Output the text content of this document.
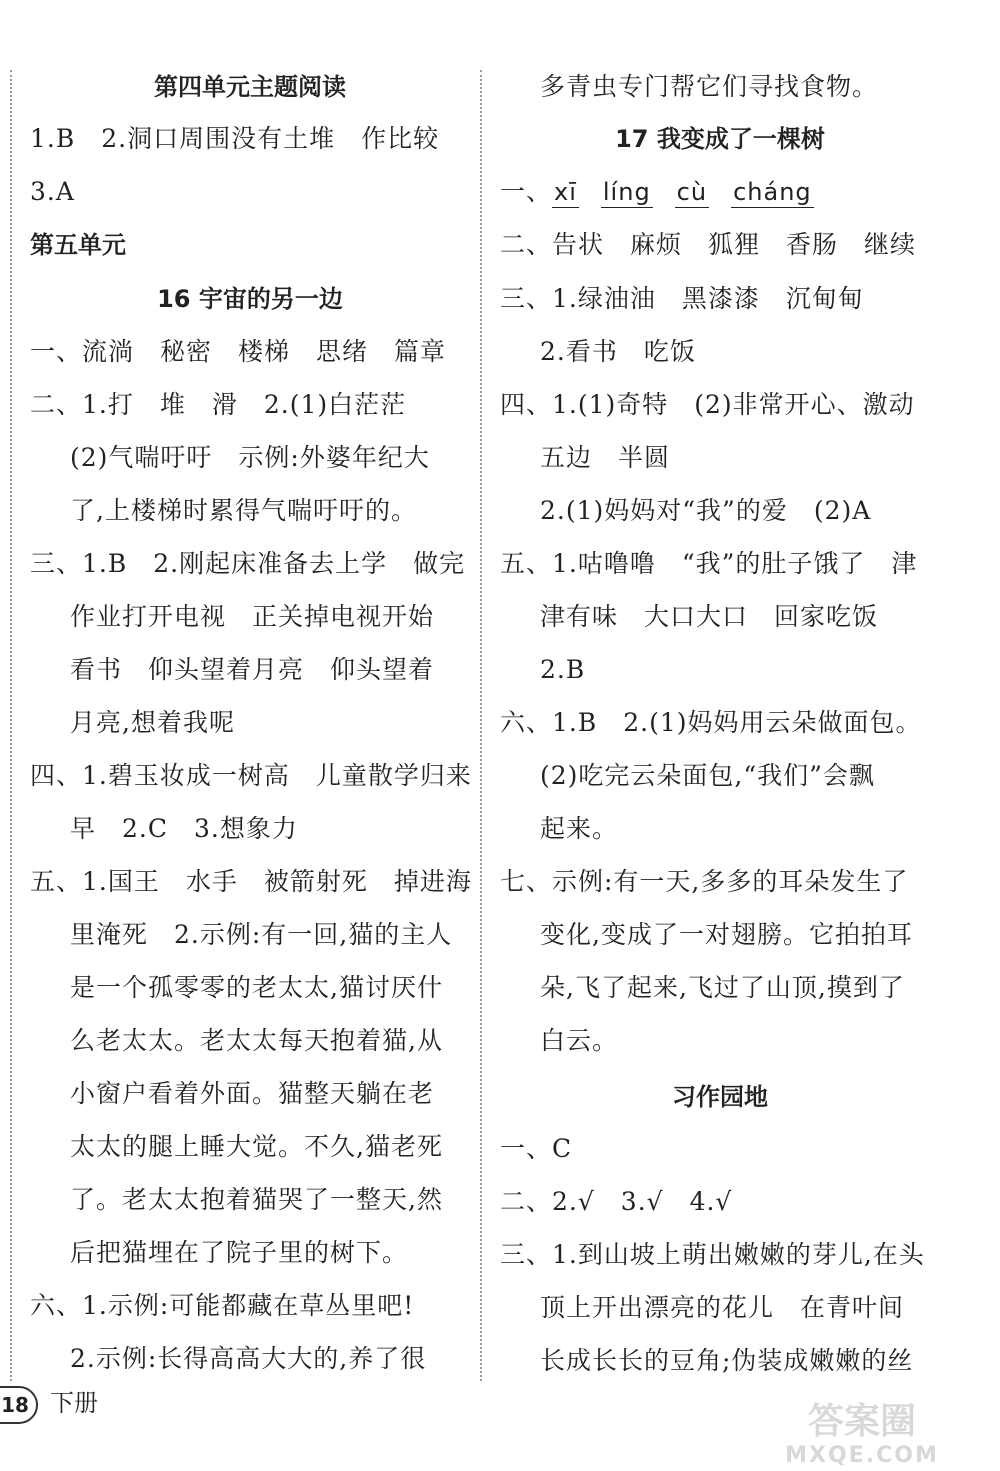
第四单元主题阅读
1.B　2.洞口周围没有土堆　作比较
3.A
第五单元
16 宇宙的另一边
一、流淌　秘密　楼梯　思绪　篇章
二、1.打　堆　滑　2.(1)白茫茫
(2)气喘吁吁　示例:外婆年纪大
了,上楼梯时累得气喘吁吁的。
三、1.B　2.刚起床准备去上学　做完
作业打开电视　正关掉电视开始
看书　仰头望着月亮　仰头望着
月亮,想着我呢
四、1.碧玉妆成一树高　儿童散学归来
早　2.C　3.想象力
五、1.国王　水手　被箭射死　掉进海
里淹死　2.示例:有一回,猫的主人
是一个孤零零的老太太,猫讨厌什
么老太太。老太太每天抱着猫,从
小窗户看着外面。猫整天躺在老
太太的腿上睡大觉。不久,猫老死
了。老太太抱着猫哭了一整天,然
后把猫埋在了院子里的树下。
六、1.示例:可能都藏在草丛里吧!
2.示例:长得高高大大的,养了很
多青虫专门帮它们寻找食物。
17 我变成了一棵树
一、xī líng cù cháng
二、告状　麻烦　狐狸　香肠　继续
三、1.绿油油　黑漆漆　沉甸甸
2.看书　吃饭
四、1.(1)奇特　(2)非常开心、激动
五边　半圆
2.(1)妈妈对“我”的爱　(2)A
五、1.咕噜噜　“我”的肚子饿了　津
津有味　大口大口　回家吃饭
2.B
六、1.B　2.(1)妈妈用云朵做面包。
(2)吃完云朵面包,“我们”会飘
起来。
七、示例:有一天,多多的耳朵发生了
变化,变成了一对翅膀。它拍拍耳
朵,飞了起来,飞过了山顶,摸到了
白云。
习作园地
一、C
二、2.√　3.√　4.√
三、1.到山坡上萌出嫩嫩的芽儿,在头
顶上开出漂亮的花儿　在青叶间
长成长长的豆角;伪装成嫩嫩的丝
18 下册	答案圈
MXQE.COM
